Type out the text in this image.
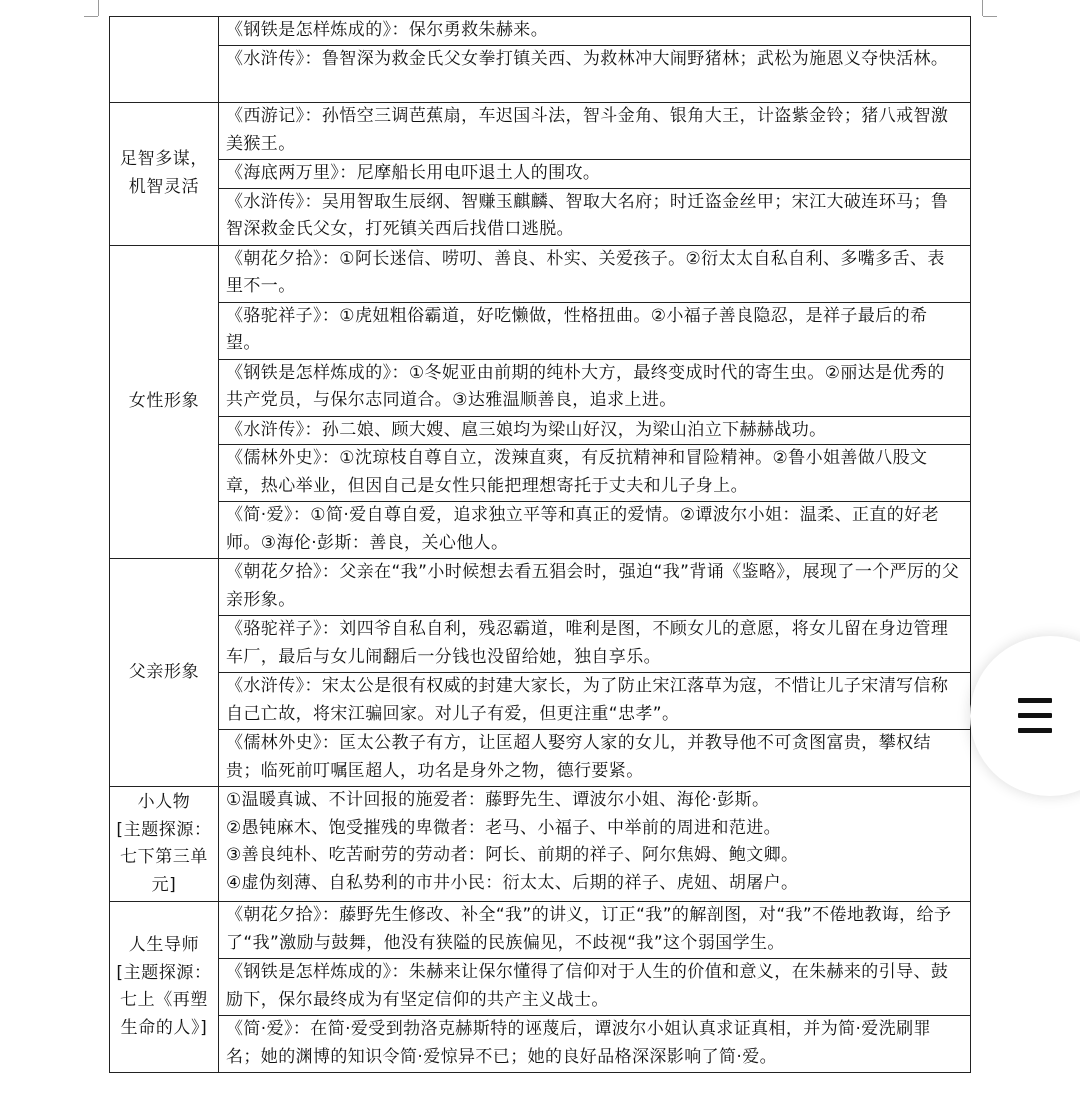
	《钢铁是怎样炼成的》：保尔勇救朱赫来。
	《水浒传》：鲁智深为救金氏父女拳打镇关西、为救林冲大闹野猪林；武松为施恩义夺快活林。

足智多谋，
机智灵活	《西游记》：孙悟空三调芭蕉扇，车迟国斗法，智斗金角、银角大王，计盗紫金铃；猪八戒智激美猴王。
	《海底两万里》：尼摩船长用电吓退土人的围攻。
	《水浒传》：吴用智取生辰纲、智赚玉麒麟、智取大名府；时迁盗金丝甲；宋江大破连环马；鲁智深救金氏父女，打死镇关西后找借口逃脱。

女性形象	《朝花夕拾》：①阿长迷信、唠叨、善良、朴实、关爱孩子。②衍太太自私自利、多嘴多舌、表里不一。
	《骆驼祥子》：①虎妞粗俗霸道，好吃懒做，性格扭曲。②小福子善良隐忍，是祥子最后的希望。
	《钢铁是怎样炼成的》：①冬妮亚由前期的纯朴大方，最终变成时代的寄生虫。②丽达是优秀的共产党员，与保尔志同道合。③达雅温顺善良，追求上进。
	《水浒传》：孙二娘、顾大嫂、扈三娘均为梁山好汉，为梁山泊立下赫赫战功。
	《儒林外史》：①沈琼枝自尊自立，泼辣直爽，有反抗精神和冒险精神。②鲁小姐善做八股文章，热心举业，但因自己是女性只能把理想寄托于丈夫和儿子身上。
	《简·爱》：①简·爱自尊自爱，追求独立平等和真正的爱情。②谭波尔小姐：温柔、正直的好老师。③海伦·彭斯：善良，关心他人。

父亲形象	《朝花夕拾》：父亲在“我”小时候想去看五猖会时，强迫“我”背诵《鉴略》，展现了一个严厉的父亲形象。
	《骆驼祥子》：刘四爷自私自利，残忍霸道，唯利是图，不顾女儿的意愿，将女儿留在身边管理车厂，最后与女儿闹翻后一分钱也没留给她，独自享乐。
	《水浒传》：宋太公是很有权威的封建大家长，为了防止宋江落草为寇，不惜让儿子宋清写信称自己亡故，将宋江骗回家。对儿子有爱，但更注重“忠孝”。
	《儒林外史》：匡太公教子有方，让匡超人娶穷人家的女儿，并教导他不可贪图富贵，攀权结贵；临死前叮嘱匡超人，功名是身外之物，德行要紧。

小人物
[主题探源：
七下第三单
元]	①温暖真诚、不计回报的施爱者：藤野先生、谭波尔小姐、海伦·彭斯。
②愚钝麻木、饱受摧残的卑微者：老马、小福子、中举前的周进和范进。
③善良纯朴、吃苦耐劳的劳动者：阿长、前期的祥子、阿尔焦姆、鲍文卿。
④虚伪刻薄、自私势利的市井小民：衍太太、后期的祥子、虎妞、胡屠户。

人生导师
[主题探源：
七上《再塑
生命的人》]	《朝花夕拾》：藤野先生修改、补全“我”的讲义，订正“我”的解剖图，对“我”不倦地教诲，给予了“我”激励与鼓舞，他没有狭隘的民族偏见，不歧视“我”这个弱国学生。
	《钢铁是怎样炼成的》：朱赫来让保尔懂得了信仰对于人生的价值和意义，在朱赫来的引导、鼓励下，保尔最终成为有坚定信仰的共产主义战士。
	《简·爱》：在简·爱受到勃洛克赫斯特的诬蔑后，谭波尔小姐认真求证真相，并为简·爱洗刷罪名；她的渊博的知识令简·爱惊异不已；她的良好品格深深影响了简·爱。
